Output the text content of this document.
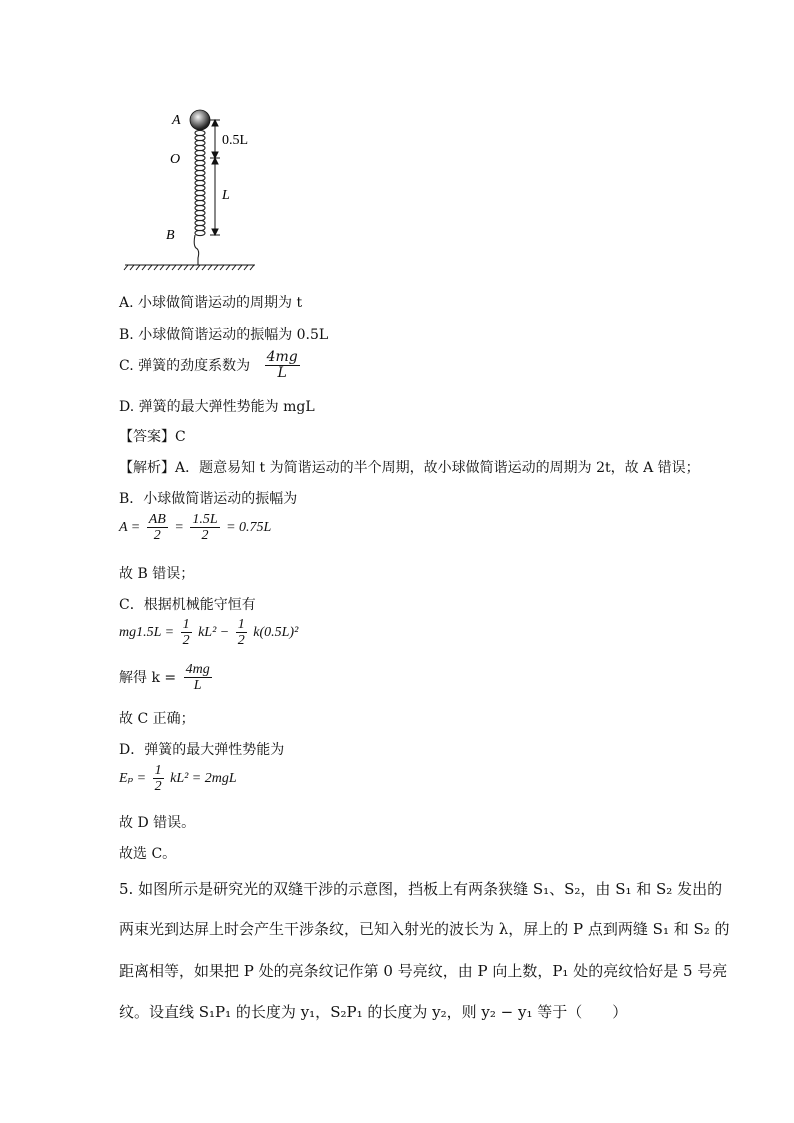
A
O
B
0.5L
L
A. 小球做简谐运动的周期为 t
B. 小球做简谐运动的振幅为 0.5L
C. 弹簧的劲度系数为 $\frac{4mg}{L}$
D. 弹簧的最大弹性势能为 mgL
【答案】C
【解析】A．题意易知 t 为简谐运动的半个周期，故小球做简谐运动的周期为 2t，故 A 错误；
B．小球做简谐运动的振幅为
$A = \frac{AB}{2} = \frac{1.5L}{2} = 0.75L$
故 B 错误；
C．根据机械能守恒有
$mg1.5L = \frac{1}{2} kL^2 - \frac{1}{2} k(0.5L)^2$
解得 $k = \frac{4mg}{L}$
故 C 正确；
D．弹簧的最大弹性势能为
$E_p = \frac{1}{2} kL^2 = 2mgL$
故 D 错误。
故选 C。
5. 如图所示是研究光的双缝干涉的示意图，挡板上有两条狭缝 S₁、S₂，由 S₁ 和 S₂ 发出的
两束光到达屏上时会产生干涉条纹，已知入射光的波长为 λ，屏上的 P 点到两缝 S₁ 和 S₂ 的
距离相等，如果把 P 处的亮条纹记作第 0 号亮纹，由 P 向上数，P₁ 处的亮纹恰好是 5 号亮
纹。设直线 S₁P₁ 的长度为 y₁，S₂P₁ 的长度为 y₂，则 y₂ − y₁ 等于（　　）
